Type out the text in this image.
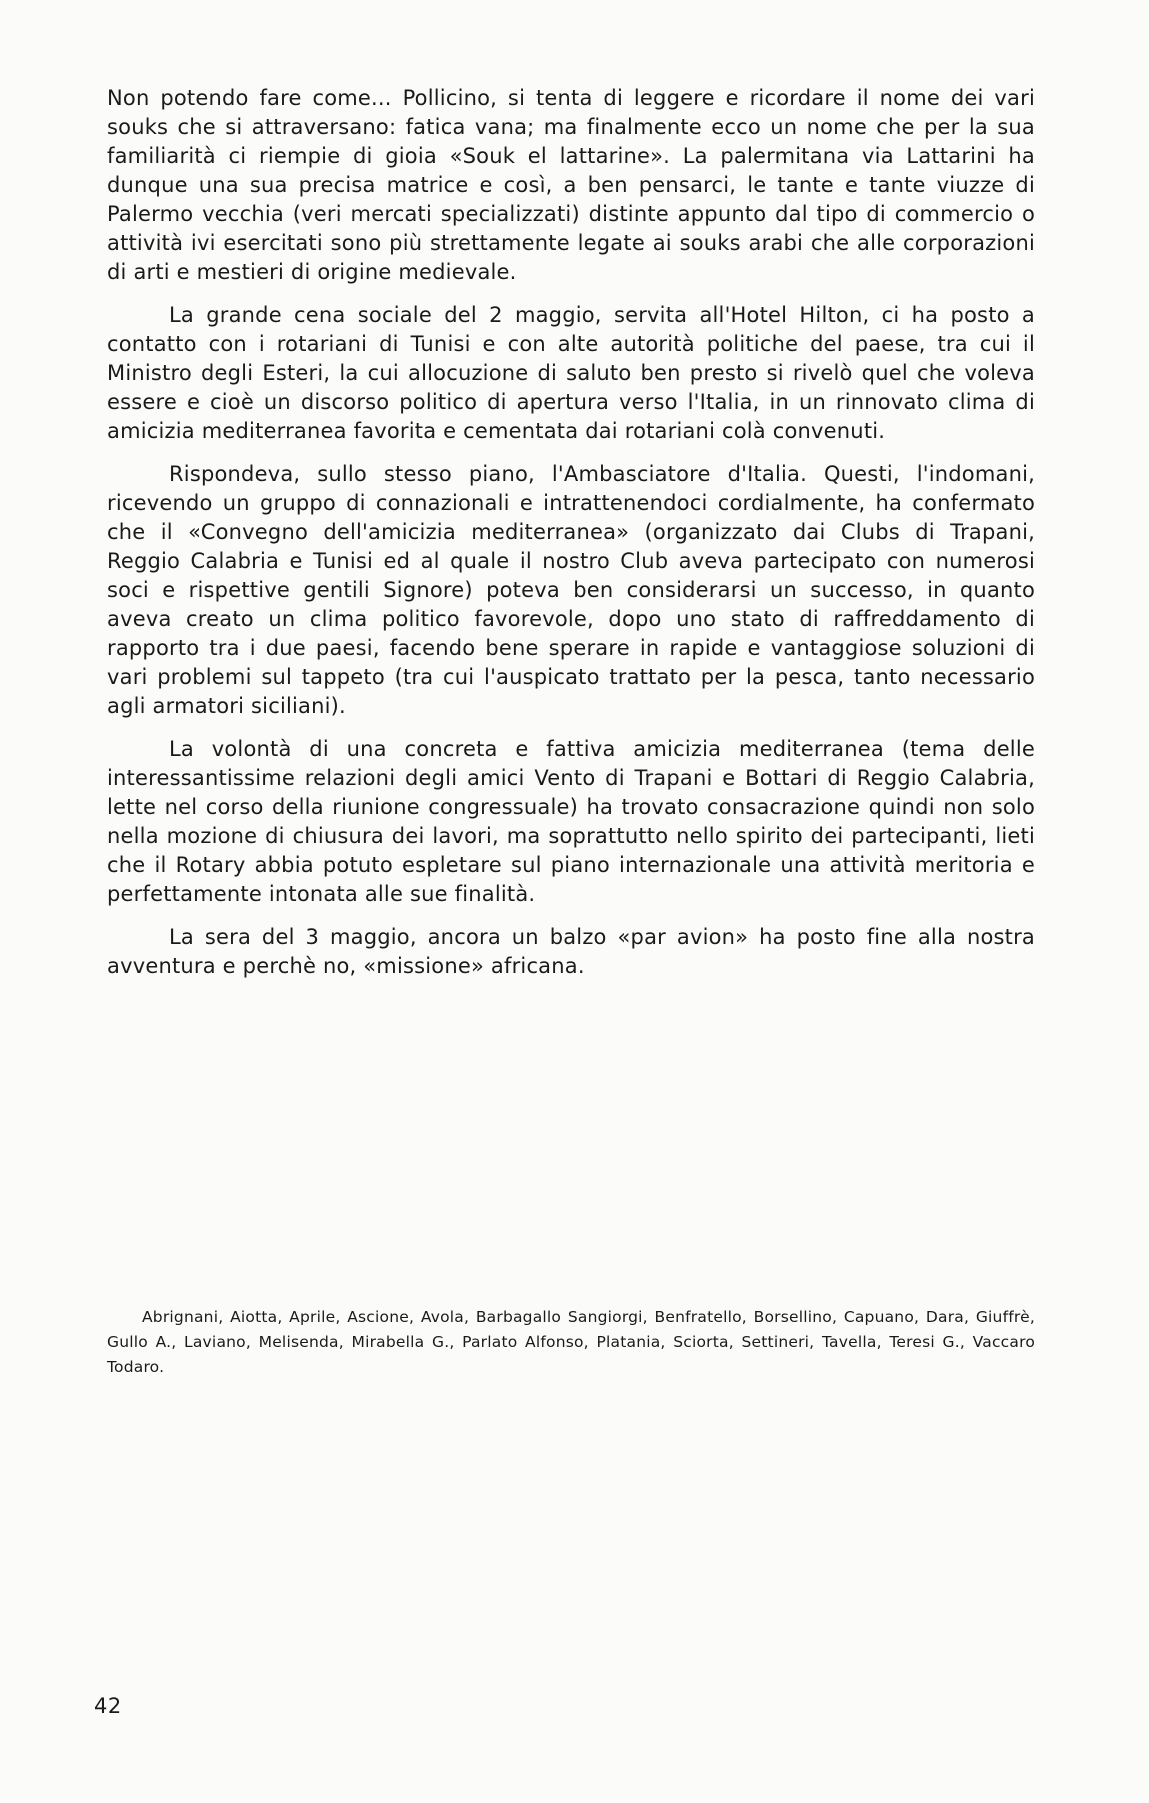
Non potendo fare come... Pollicino, si tenta di leggere e ricordare il nome dei vari souks che si attraversano: fatica vana; ma finalmente ecco un nome che per la sua familiarità ci riempie di gioia «Souk el lattarine». La palermitana via Lattarini ha dunque una sua precisa matrice e così, a ben pensarci, le tante e tante viuzze di Palermo vecchia (veri mercati specializzati) distinte appunto dal tipo di commercio o attività ivi esercitati sono più strettamente legate ai souks arabi che alle corporazioni di arti e mestieri di origine medievale.

La grande cena sociale del 2 maggio, servita all'Hotel Hilton, ci ha posto a contatto con i rotariani di Tunisi e con alte autorità politiche del paese, tra cui il Ministro degli Esteri, la cui allocuzione di saluto ben presto si rivelò quel che voleva essere e cioè un discorso politico di apertura verso l'Italia, in un rinnovato clima di amicizia mediterranea favorita e cementata dai rotariani colà convenuti.

Rispondeva, sullo stesso piano, l'Ambasciatore d'Italia. Questi, l'indomani, ricevendo un gruppo di connazionali e intrattenendoci cordialmente, ha confermato che il «Convegno dell'amicizia mediterranea» (organizzato dai Clubs di Trapani, Reggio Calabria e Tunisi ed al quale il nostro Club aveva partecipato con numerosi soci e rispettive gentili Signore) poteva ben considerarsi un successo, in quanto aveva creato un clima politico favorevole, dopo uno stato di raffreddamento di rapporto tra i due paesi, facendo bene sperare in rapide e vantaggiose soluzioni di vari problemi sul tappeto (tra cui l'auspicato trattato per la pesca, tanto necessario agli armatori siciliani).

La volontà di una concreta e fattiva amicizia mediterranea (tema delle interessantissime relazioni degli amici Vento di Trapani e Bottari di Reggio Calabria, lette nel corso della riunione congressuale) ha trovato consacrazione quindi non solo nella mozione di chiusura dei lavori, ma soprattutto nello spirito dei partecipanti, lieti che il Rotary abbia potuto espletare sul piano internazionale una attività meritoria e perfettamente intonata alle sue finalità.

La sera del 3 maggio, ancora un balzo «par avion» ha posto fine alla nostra avventura e perchè no, «missione» africana.

Abrignani, Aiotta, Aprile, Ascione, Avola, Barbagallo Sangiorgi, Benfratello, Borsellino, Capuano, Dara, Giuffrè, Gullo A., Laviano, Melisenda, Mirabella G., Parlato Alfonso, Platania, Sciorta, Settineri, Tavella, Teresi G., Vaccaro Todaro.

42
